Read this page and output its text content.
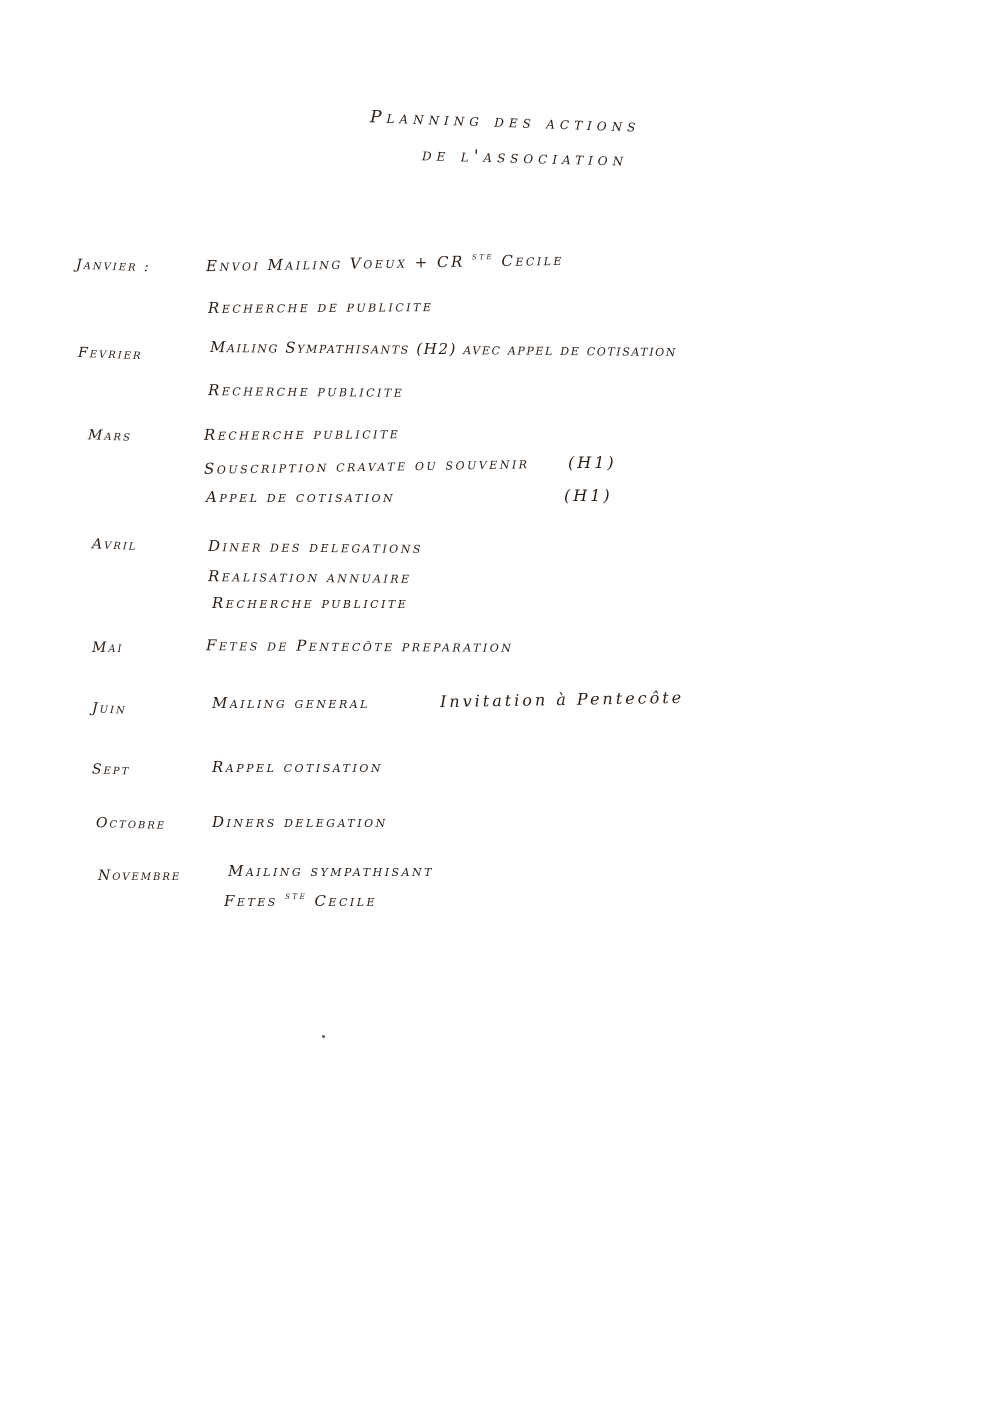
Planning des actions
de l'association
Janvier :	Envoi Mailing Voeux + CR $^{ste}$ Cecile
Recherche de publicite
Fevrier	Mailing Sympathisants (H2) avec appel de cotisation
Recherche publicite
Mars	Recherche publicite
Souscription cravate ou souvenir (H1)
Appel de cotisation	(H1)
Avril	Diner des delegations
Realisation annuaire
Recherche publicite
Mai	Fetes de Pentecôte preparation
Juin	Mailing general	Invitation à Pentecôte
Sept	Rappel cotisation
Octobre	Diners delegation
Novembre	Mailing sympathisant
Fetes $^{ste}$ Cecile
